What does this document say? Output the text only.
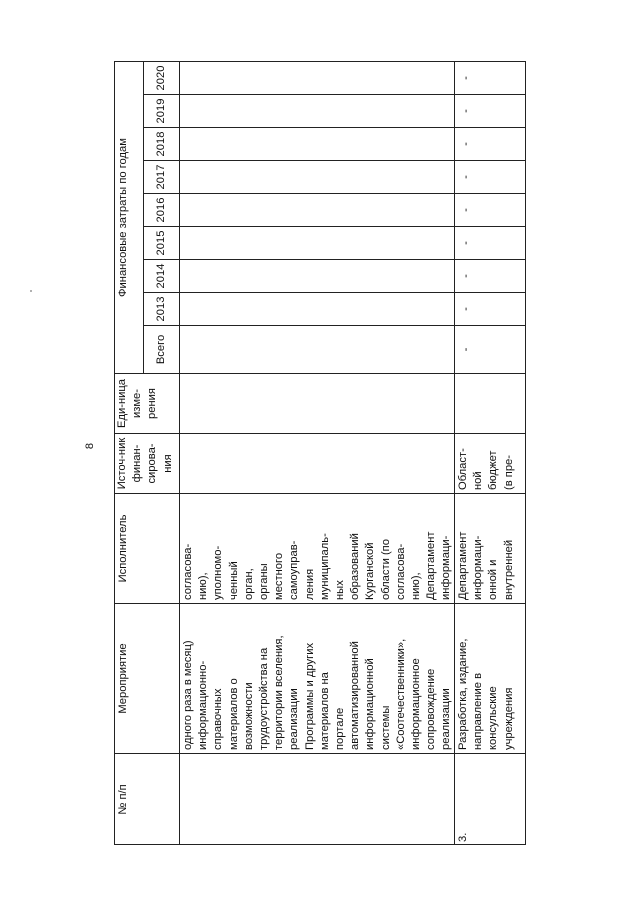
8
№ п/п
Мероприятие
Исполнитель
Источ-ник финан-сирова-ния
Еди-ница изме-рения
Финансовые затраты по годам
Всего
2013
2014
2015
2016
2017
2018
2019
2020
одного раза в месяц)
информационно-
справочных
материалов о
возможности
трудоустройства на
территории вселения,
реализации
Программы и других
материалов на
портале
автоматизированной
информационной
системы
«Соотечественники»,
информационное
сопровождение
реализации

согласова-
нию),
уполномо-
ченный
орган,
органы
местного
самоуправ-
ления
муниципаль-
ных
образований
Курганской
области (по
согласова-
нию),
Департамент
информаци-

3.
Разработка, издание,
направление в
консульские
учреждения
Департамент
информаци-
онной и
внутренней
Област-
ной
бюджет
(в пре-
-
-
-
-
-
-
-
-
-
